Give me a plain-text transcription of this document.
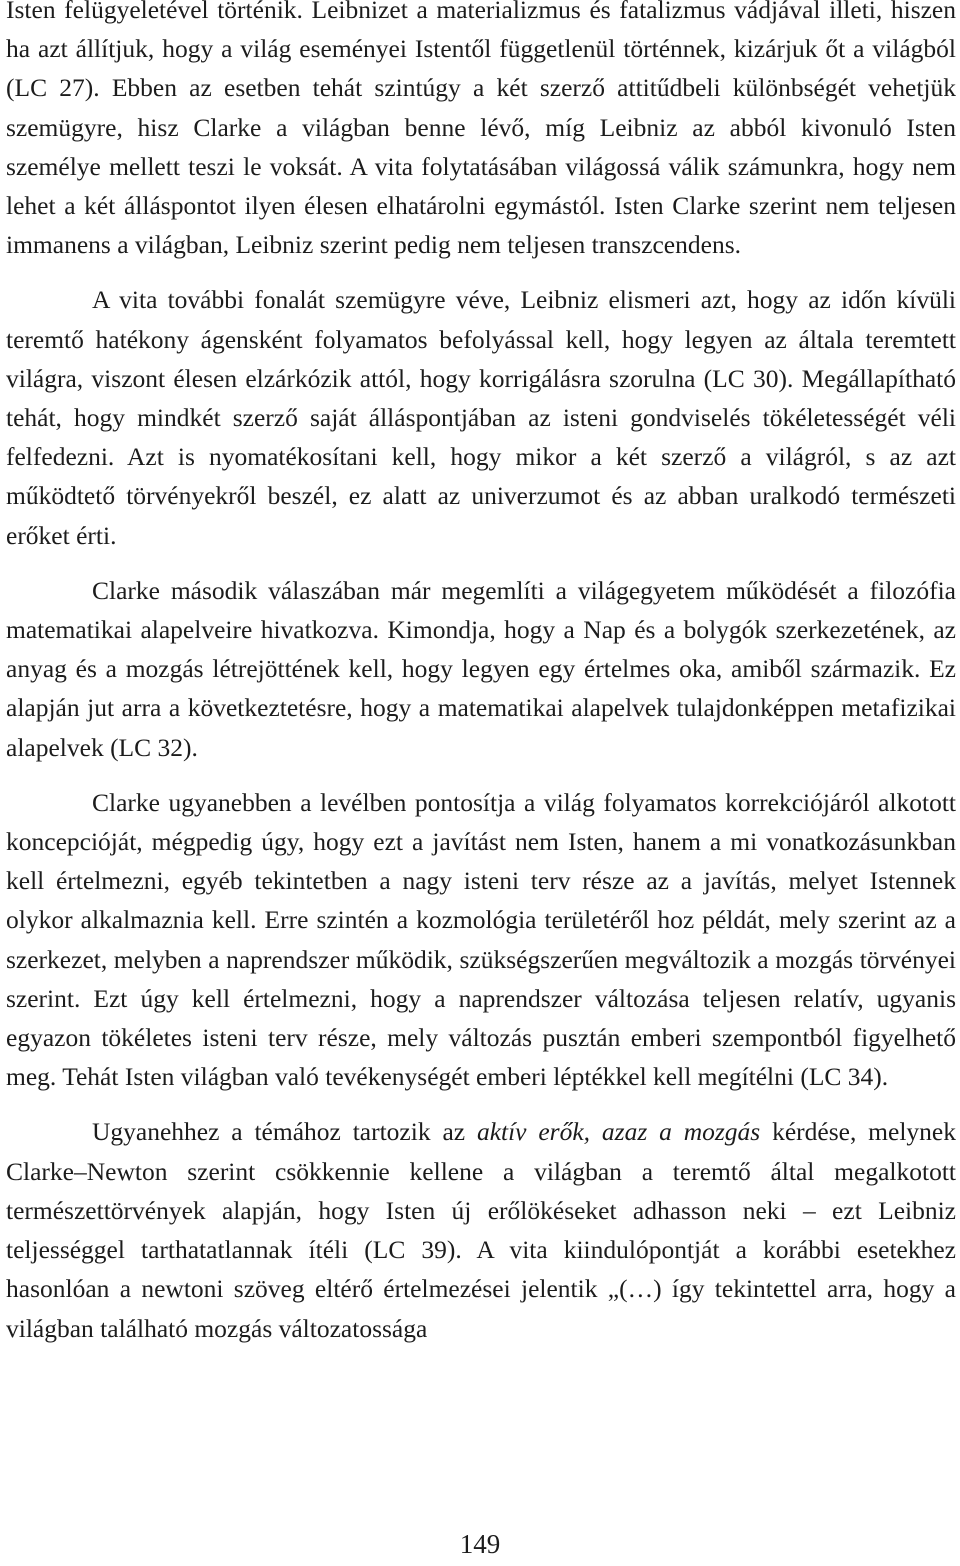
Isten felügyeletével történik. Leibnizet a materializmus és fatalizmus vádjával illeti, hiszen ha azt állítjuk, hogy a világ eseményei Istentől függetlenül történnek, kizárjuk őt a világból (LC 27). Ebben az esetben tehát szintúgy a két szerző attitűdbeli különbségét vehetjük szemügyre, hisz Clarke a világban benne lévő, míg Leibniz az abból kivonuló Isten személye mellett teszi le voksát. A vita folytatásában világossá válik számunkra, hogy nem lehet a két álláspontot ilyen élesen elhatárolni egymástól. Isten Clarke szerint nem teljesen immanens a világban, Leibniz szerint pedig nem teljesen transzcendens.

A vita további fonalát szemügyre véve, Leibniz elismeri azt, hogy az időn kívüli teremtő hatékony ágensként folyamatos befolyással kell, hogy legyen az általa teremtett világra, viszont élesen elzárkózik attól, hogy korrigálásra szorulna (LC 30). Megállapítható tehát, hogy mindkét szerző saját álláspontjában az isteni gondviselés tökéletességét véli felfedezni. Azt is nyomatékosítani kell, hogy mikor a két szerző a világról, s az azt működtető törvényekről beszél, ez alatt az univerzumot és az abban uralkodó természeti erőket érti.

Clarke második válaszában már megemlíti a világegyetem működését a filozófia matematikai alapelveire hivatkozva. Kimondja, hogy a Nap és a bolygók szerkezetének, az anyag és a mozgás létrejöttének kell, hogy legyen egy értelmes oka, amiből származik. Ez alapján jut arra a következtetésre, hogy a matematikai alapelvek tulajdonképpen metafizikai alapelvek (LC 32).

Clarke ugyanebben a levélben pontosítja a világ folyamatos korrekciójáról alkotott koncepcióját, mégpedig úgy, hogy ezt a javítást nem Isten, hanem a mi vonatkozásunkban kell értelmezni, egyéb tekintetben a nagy isteni terv része az a javítás, melyet Istennek olykor alkalmaznia kell. Erre szintén a kozmológia területéről hoz példát, mely szerint az a szerkezet, melyben a naprendszer működik, szükségszerűen megváltozik a mozgás törvényei szerint. Ezt úgy kell értelmezni, hogy a naprendszer változása teljesen relatív, ugyanis egyazon tökéletes isteni terv része, mely változás pusztán emberi szempontból figyelhető meg. Tehát Isten világban való tevékenységét emberi léptékkel kell megítélni (LC 34).

Ugyanehhez a témához tartozik az aktív erők, azaz a mozgás kérdése, melynek Clarke–Newton szerint csökkennie kellene a világban a teremtő által megalkotott természettörvények alapján, hogy Isten új erőlökéseket adhasson neki – ezt Leibniz teljességgel tarthatatlannak ítéli (LC 39). A vita kiindulópontját a korábbi esetekhez hasonlóan a newtoni szöveg eltérő értelmezései jelentik „(…) így tekintettel arra, hogy a világban található mozgás változatossága

149
